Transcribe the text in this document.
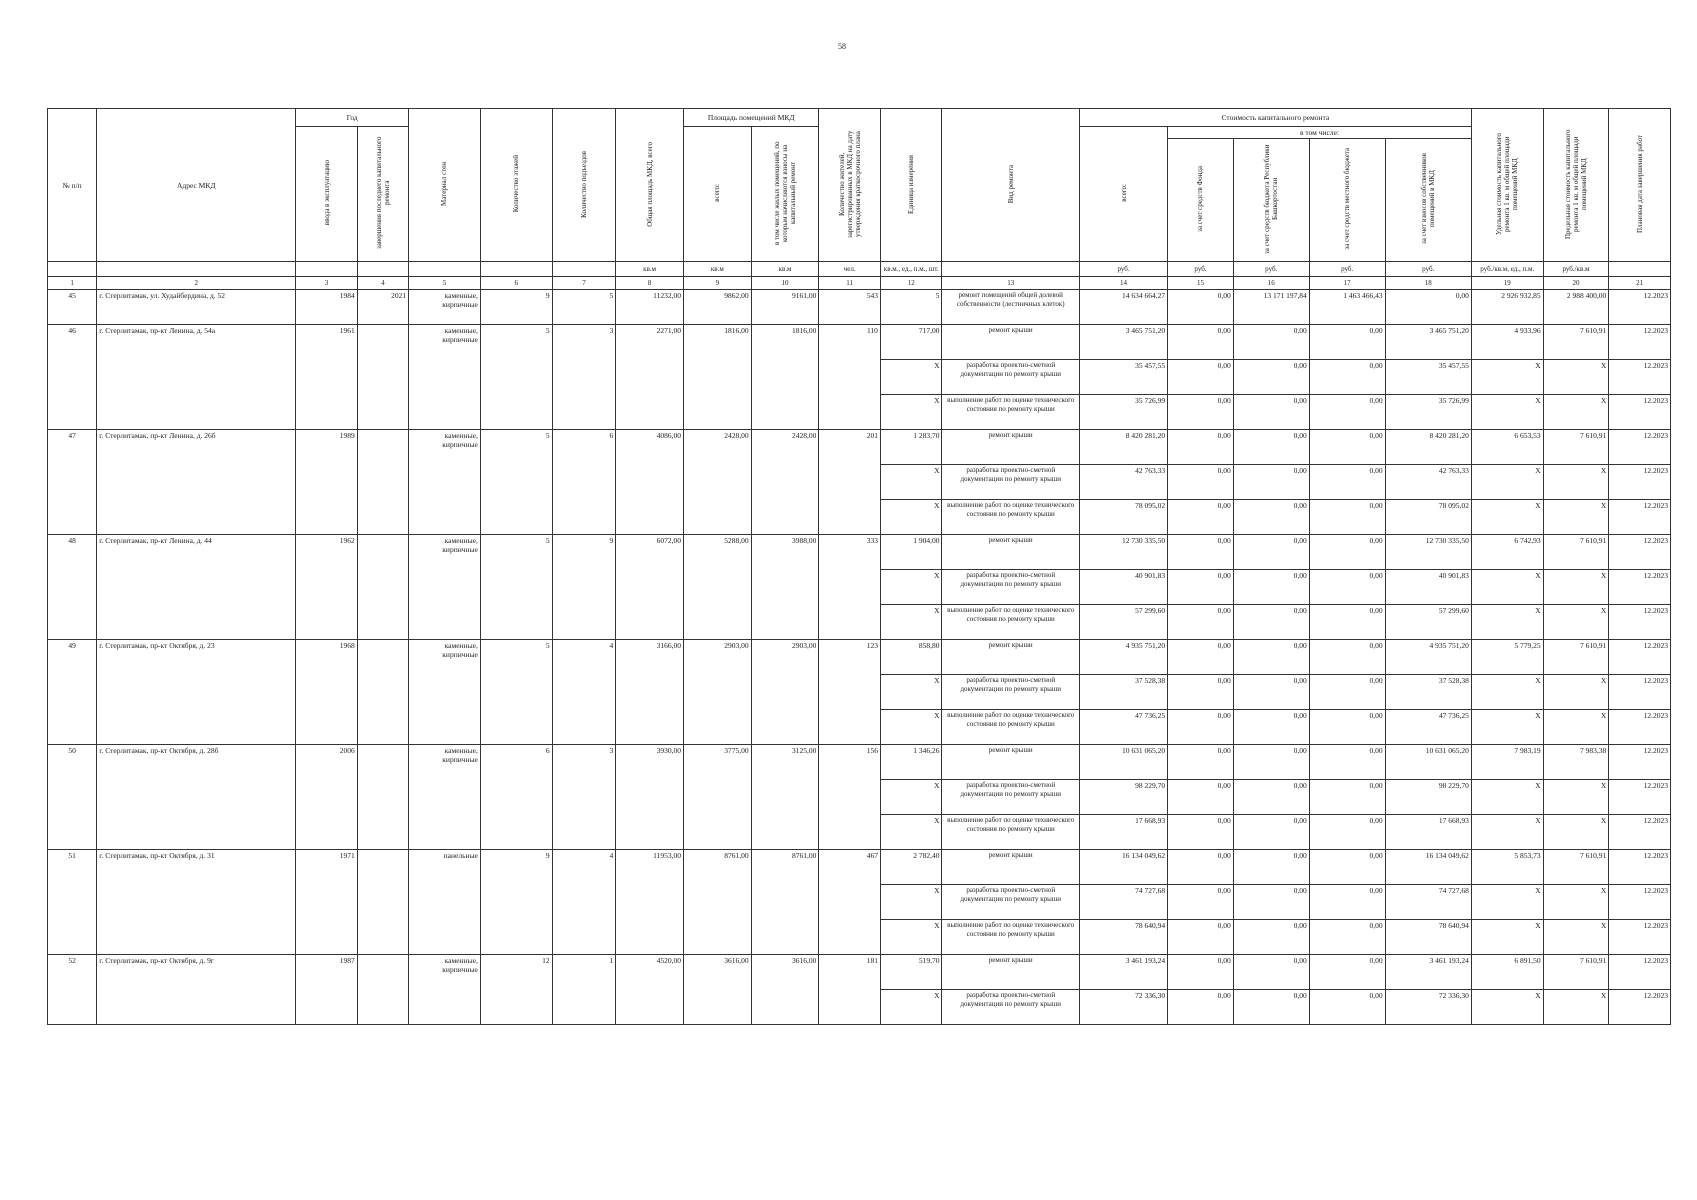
58
№ п/п	Адрес МКД	Год		Материал стен	Количество этажей	Количество подъездов	Общая площадь МКД, всего	Площадь помещений МКД		Количество жителей, зарегистрированных в МКД на дату утверждения краткосрочного плана	Единица измерения	Вид ремонта	Стоимость капитального ремонта					Удельная стоимость капитального ремонта 1 кв. м общей площади помещений МКД	Предельная стоимость капитального ремонта 1 кв. м общей площади помещений МКД	Плановая дата завершения работ
		ввода в эксплуатацию	завершения последнего капитального ремонта					всего:	в том числе жилых помещений, по которым начисляются взносы на капитальный ремонт				всего:	в том числе:						
														за счет средств Фонда	за счет средств бюджета Республики Башкортостан	за счет средств местного бюджета	за счет взносов собственников помещений в МКД			
							кв.м	кв.м	кв.м	чел.	кв.м., ед., п.м., шт.		руб.	руб.	руб.	руб.	руб.	руб./кв.м, ед., п.м.	руб./кв.м	
1	2	3	4	5	6	7	8	9	10	11	12	13	14	15	16	17	18	19	20	21
45	г. Стерлитамак, ул. Худайбердина, д. 52	1984	2021	каменные, кирпичные	9	5	11232,00	9862,00	9161,00	543	5	ремонт помещений общей долевой собственности (лестничных клеток)	14 634 664,27	0,00	13 171 197,84	1 463 466,43	0,00	2 926 932,85	2 988 400,00	12.2023
46	г. Стерлитамак, пр-кт Ленина, д. 54а	1961		каменные, кирпичные	5	3	2271,00	1816,00	1816,00	110	717,00	ремонт крыши	3 465 751,20	0,00	0,00	0,00	3 465 751,20	4 933,96	7 610,91	12.2023
											X	разработка проектно-сметной документации по ремонту крыши	35 457,55	0,00	0,00	0,00	35 457,55	X	X	12.2023
											X	выполнение работ по оценке технического состояния по ремонту крыши	35 726,99	0,00	0,00	0,00	35 726,99	X	X	12.2023
47	г. Стерлитамак, пр-кт Ленина, д. 26б	1989		каменные, кирпичные	5	6	4086,00	2428,00	2428,00	201	1 283,70	ремонт крыши	8 420 281,20	0,00	0,00	0,00	8 420 281,20	6 653,53	7 610,91	12.2023
											X	разработка проектно-сметной документации по ремонту крыши	42 763,33	0,00	0,00	0,00	42 763,33	X	X	12.2023
											X	выполнение работ по оценке технического состояния по ремонту крыши	78 095,02	0,00	0,00	0,00	78 095,02	X	X	12.2023
48	г. Стерлитамак, пр-кт Ленина, д. 44	1962		каменные, кирпичные	5	9	6072,00	5288,00	3988,00	333	1 904,00	ремонт крыши	12 730 335,50	0,00	0,00	0,00	12 730 335,50	6 742,93	7 610,91	12.2023
											X	разработка проектно-сметной документации по ремонту крыши	40 901,83	0,00	0,00	0,00	40 901,83	X	X	12.2023
											X	выполнение работ по оценке технического состояния по ремонту крыши	57 299,60	0,00	0,00	0,00	57 299,60	X	X	12.2023
49	г. Стерлитамак, пр-кт Октября, д. 23	1968		каменные, кирпичные	5	4	3166,00	2903,00	2903,00	123	858,80	ремонт крыши	4 935 751,20	0,00	0,00	0,00	4 935 751,20	5 779,25	7 610,91	12.2023
											X	разработка проектно-сметной документации по ремонту крыши	37 528,38	0,00	0,00	0,00	37 528,38	X	X	12.2023
											X	выполнение работ по оценке технического состояния по ремонту крыши	47 736,25	0,00	0,00	0,00	47 736,25	X	X	12.2023
50	г. Стерлитамак, пр-кт Октября, д. 28б	2006		каменные, кирпичные	6	3	3930,00	3775,00	3125,00	156	1 346,26	ремонт крыши	10 631 065,20	0,00	0,00	0,00	10 631 065,20	7 983,19	7 983,38	12.2023
											X	разработка проектно-сметной документации по ремонту крыши	98 229,70	0,00	0,00	0,00	98 229,70	X	X	12.2023
											X	выполнение работ по оценке технического состояния по ремонту крыши	17 668,93	0,00	0,00	0,00	17 668,93	X	X	12.2023
51	г. Стерлитамак, пр-кт Октября, д. 31	1971		панельные	9	4	11953,00	8761,00	8761,00	467	2 782,40	ремонт крыши	16 134 049,62	0,00	0,00	0,00	16 134 049,62	5 853,73	7 610,91	12.2023
											X	разработка проектно-сметной документации по ремонту крыши	74 727,68	0,00	0,00	0,00	74 727,68	X	X	12.2023
											X	выполнение работ по оценке технического состояния по ремонту крыши	78 640,94	0,00	0,00	0,00	78 640,94	X	X	12.2023
52	г. Стерлитамак, пр-кт Октября, д. 9г	1987		каменные, кирпичные	12	1	4520,00	3616,00	3616,00	181	519,70	ремонт крыши	3 461 193,24	0,00	0,00	0,00	3 461 193,24	6 891,50	7 610,91	12.2023
											X	разработка проектно-сметной документации по ремонту крыши	72 336,30	0,00	0,00	0,00	72 336,30	X	X	12.2023
